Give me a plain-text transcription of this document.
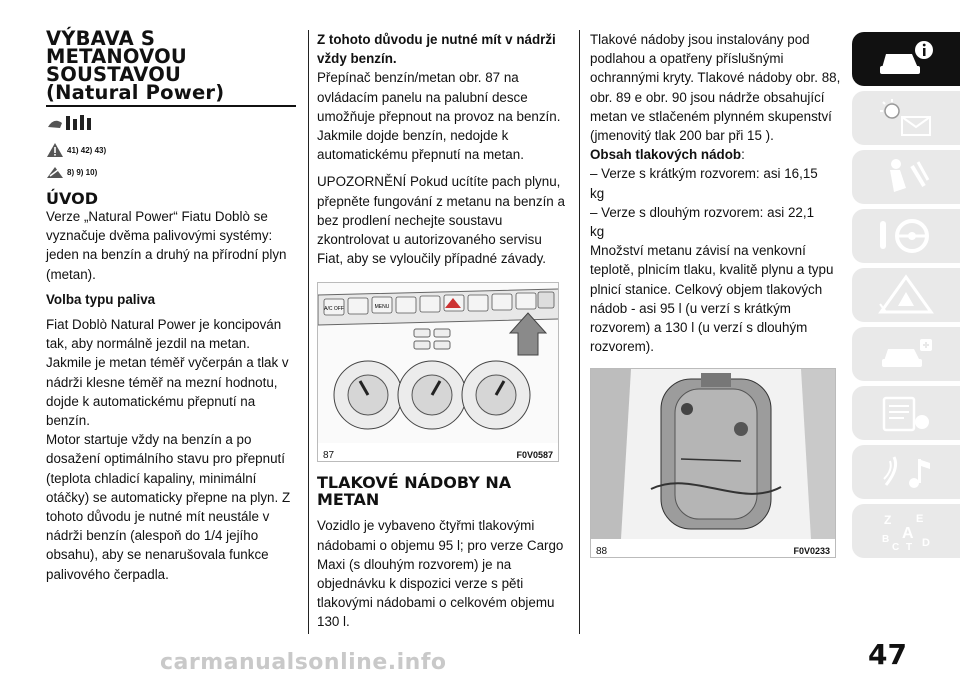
VÝBAVA S
METANOVOU
SOUSTAVOU
(Natural Power)
41) 42) 43)
8) 9) 10)
ÚVOD

Verze „Natural Power“ Fiatu Doblò se vyznačuje dvěma palivovými systémy: jeden na benzín a druhý na přírodní plyn (metan).

Volba typu paliva

Fiat Doblò Natural Power je koncipován tak, aby normálně jezdil na metan. Jakmile je metan téměř vyčerpán a tlak v nádrži klesne téměř na mezní hodnotu, dojde k automatickému přepnutí na benzín.

Motor startuje vždy na benzín a po dosažení optimálního stavu pro přepnutí (teplota chladicí kapaliny, minimální otáčky) se automaticky přepne na plyn. Z tohoto důvodu je nutné mít neustále v nádrži benzín (alespoň do 1/4 jejího obsahu), aby se nenarušovala funkce palivového čerpadla.

Z tohoto důvodu je nutné mít v nádrži vždy benzín.

Přepínač benzín/metan obr. 87 na ovládacím panelu na palubní desce umožňuje přepnout na provoz na benzín. Jakmile dojde benzín, nedojde k automatickému přepnutí na metan.

UPOZORNĚNÍ Pokud ucítíte pach plynu, přepněte fungování z metanu na benzín a bez prodlení nechejte soustavu zkontrolovat u autorizovaného servisu Fiat, aby se vyloučily případné závady.

A/C OFF	MENU
87	F0V0587
TLAKOVÉ NÁDOBY NA
METAN

Vozidlo je vybaveno čtyřmi tlakovými nádobami o objemu 95 l; pro verze Cargo Maxi (s dlouhým rozvorem) je na objednávku k dispozici verze s pěti tlakovými nádobami o celkovém objemu 130 l.

Tlakové nádoby jsou instalovány pod podlahou a opatřeny příslušnými ochrannými kryty. Tlakové nádoby obr. 88, obr. 89 e obr. 90 jsou nádrže obsahující metan ve stlačeném plynném skupenství (jmenovitý tlak 200 bar při 15 ).

Obsah tlakových nádob:

– Verze s krátkým rozvorem: asi 16,15

kg

– Verze s dlouhým rozvorem: asi 22,1

kg

Množství metanu závisí na venkovní teplotě, plnicím tlaku, kvalitě plynu a typu plnicí stanice. Celkový objem tlakových nádob - asi 95 l (u verzí s krátkým rozvorem) a 130 l (u verzí s dlouhým rozvorem).

88	F0V0233
Z E
B A
C T D
47
carmanualsonline.info
